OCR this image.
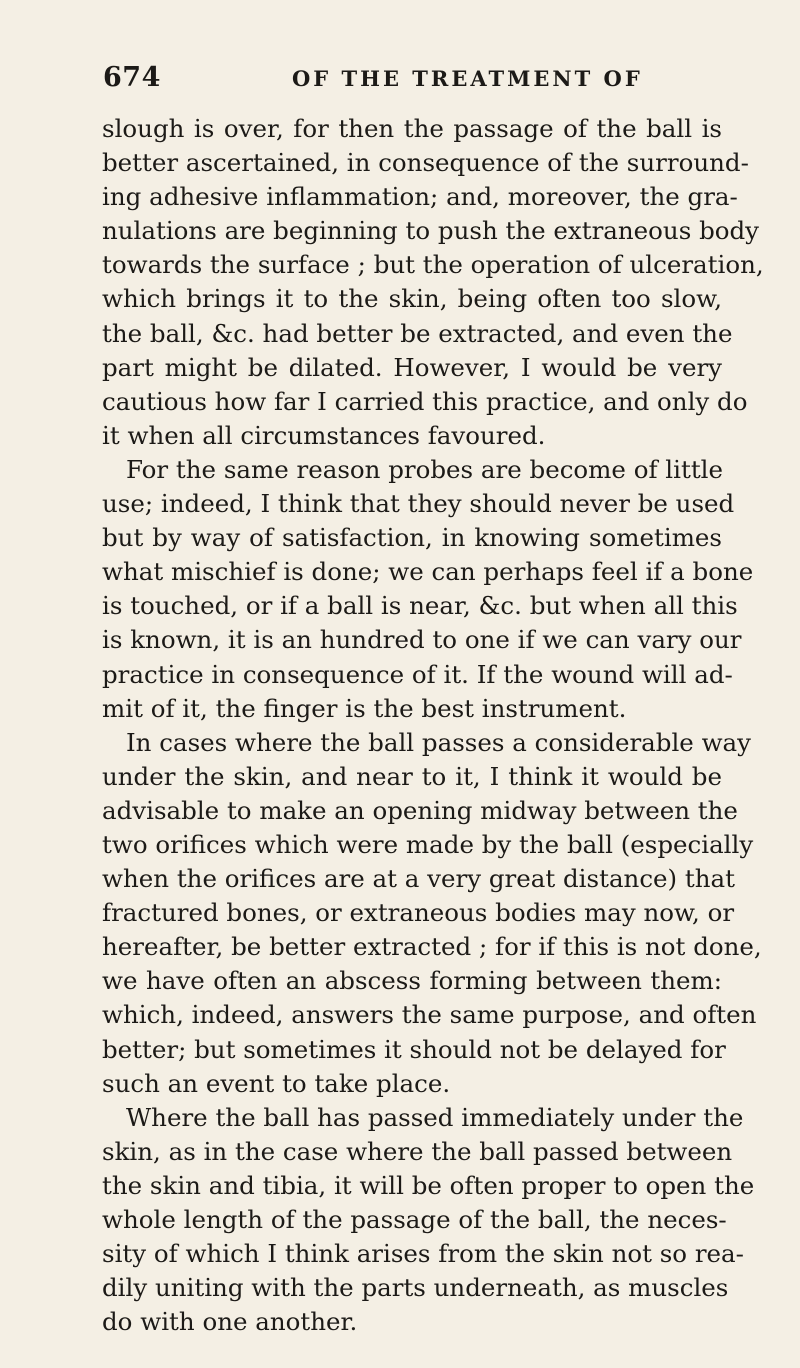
674	OF THE TREATMENT OF
slough is over, for then the passage of the ball is
better ascertained, in consequence of the surround-
ing adhesive inflammation; and, moreover, the gra-
nulations are beginning to push the extraneous body
towards the surface ; but the operation of ulceration,
which brings it to the skin, being often too slow,
the ball, &c. had better be extracted, and even the
part might be dilated. However, I would be very
cautious how far I carried this practice, and only do
it when all circumstances favoured.
For the same reason probes are become of little
use; indeed, I think that they should never be used
but by way of satisfaction, in knowing sometimes
what mischief is done; we can perhaps feel if a bone
is touched, or if a ball is near, &c. but when all this
is known, it is an hundred to one if we can vary our
practice in consequence of it. If the wound will ad-
mit of it, the finger is the best instrument.
In cases where the ball passes a considerable way
under the skin, and near to it, I think it would be
advisable to make an opening midway between the
two orifices which were made by the ball (especially
when the orifices are at a very great distance) that
fractured bones, or extraneous bodies may now, or
hereafter, be better extracted ; for if this is not done,
we have often an abscess forming between them:
which, indeed, answers the same purpose, and often
better; but sometimes it should not be delayed for
such an event to take place.
Where the ball has passed immediately under the
skin, as in the case where the ball passed between
the skin and tibia, it will be often proper to open the
whole length of the passage of the ball, the neces-
sity of which I think arises from the skin not so rea-
dily uniting with the parts underneath, as muscles
do with one another.
